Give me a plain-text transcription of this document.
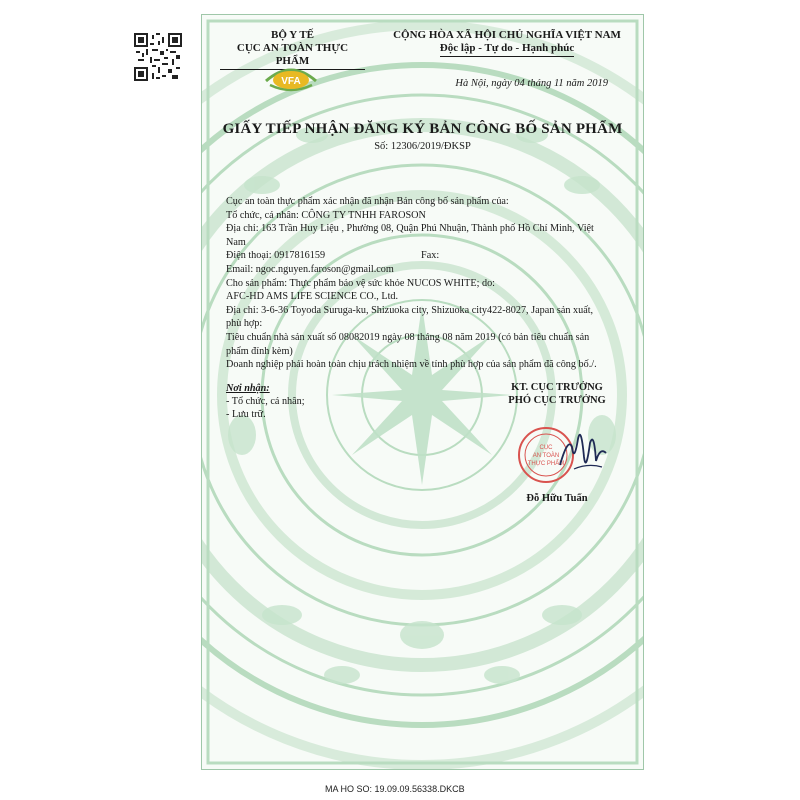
BỘ Y TẾ
CỤC AN TOÀN THỰC PHẨM
VFA
CỘNG HÒA XÃ HỘI CHỦ NGHĨA VIỆT NAM
Độc lập - Tự do - Hạnh phúc
Hà Nội, ngày 04 tháng 11 năm 2019
GIẤY TIẾP NHẬN ĐĂNG KÝ BẢN CÔNG BỐ SẢN PHẨM
Số: 12306/2019/ĐKSP
Cục an toàn thực phẩm xác nhận đã nhận Bản công bố sản phẩm của:
Tổ chức, cá nhân: CÔNG TY TNHH FAROSON
Địa chỉ: 163 Trần Huy Liệu , Phường 08, Quận Phú Nhuận, Thành phố Hồ Chí Minh, Việt
Nam
Điện thoại: 0917816159	Fax:
Email: ngoc.nguyen.faroson@gmail.com
Cho sản phẩm: Thực phẩm bảo vệ sức khỏe NUCOS WHITE; do:
AFC-HD AMS LIFE SCIENCE CO., Ltd.
Địa chỉ: 3-6-36 Toyoda Suruga-ku, Shizuoka city, Shizuoka city422-8027, Japan sản xuất,
phù hợp:
Tiêu chuẩn nhà sản xuất số 08082019 ngày 08 tháng 08 năm 2019 (có bản tiêu chuẩn sản
phẩm đính kèm)
Doanh nghiệp phải hoàn toàn chịu trách nhiệm về tính phù hợp của sản phẩm đã công bố./.
Nơi nhận:
- Tổ chức, cá nhân;
- Lưu trữ.
KT. CỤC TRƯỞNG
PHÓ CỤC TRƯỞNG
CỤC
AN TOÀN
THỰC PHẨM
Đỗ Hữu Tuấn
MA HO SO: 19.09.09.56338.DKCB
